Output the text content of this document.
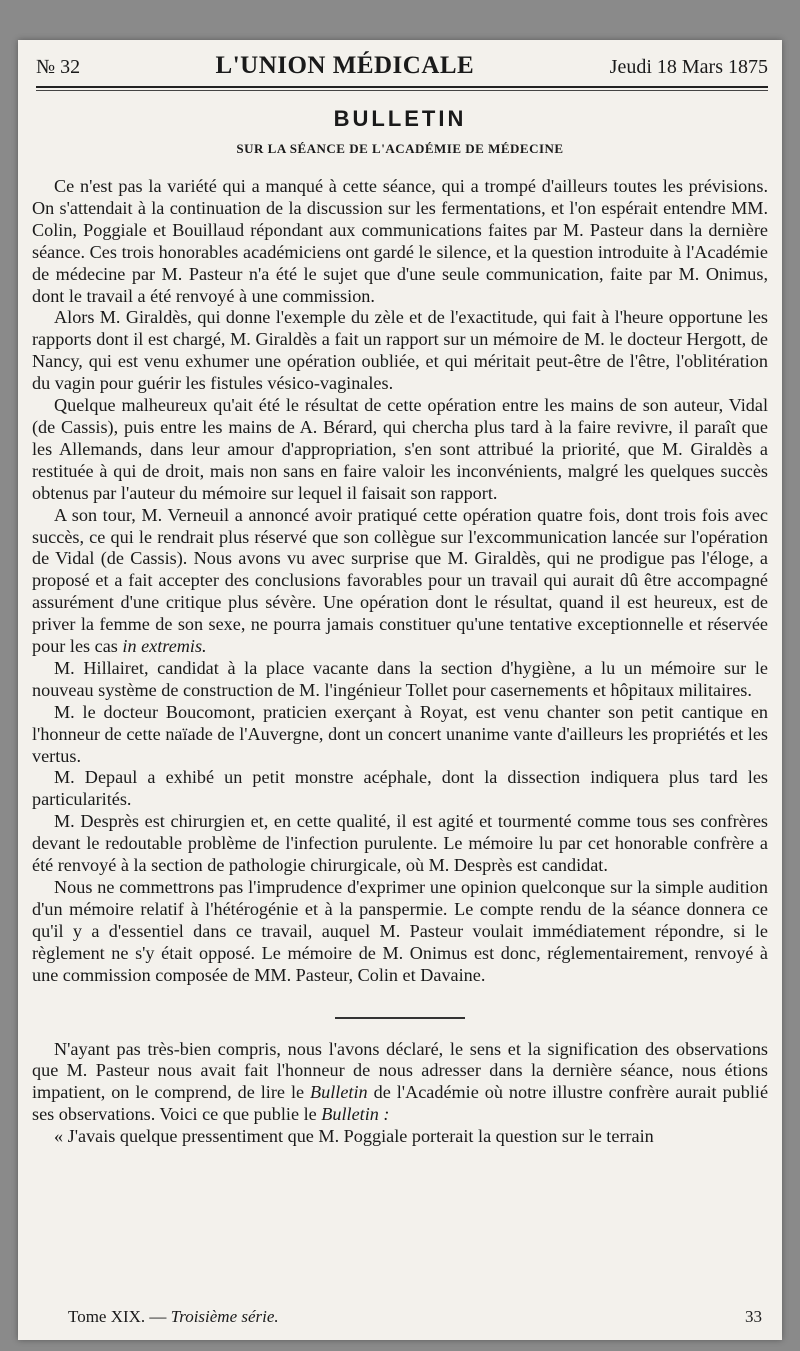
№ 32	L'UNION MÉDICALE	Jeudi 18 Mars 1875
BULLETIN
SUR LA SÉANCE DE L'ACADÉMIE DE MÉDECINE

Ce n'est pas la variété qui a manqué à cette séance, qui a trompé d'ailleurs toutes les prévisions. On s'attendait à la continuation de la discussion sur les fermentations, et l'on espérait entendre MM. Colin, Poggiale et Bouillaud répondant aux communications faites par M. Pasteur dans la dernière séance. Ces trois honorables académiciens ont gardé le silence, et la question introduite à l'Académie de médecine par M. Pasteur n'a été le sujet que d'une seule communication, faite par M. Onimus, dont le travail a été renvoyé à une commission.

Alors M. Giraldès, qui donne l'exemple du zèle et de l'exactitude, qui fait à l'heure opportune les rapports dont il est chargé, M. Giraldès a fait un rapport sur un mémoire de M. le docteur Hergott, de Nancy, qui est venu exhumer une opération oubliée, et qui méritait peut-être de l'être, l'oblitération du vagin pour guérir les fistules vésico-vaginales.

Quelque malheureux qu'ait été le résultat de cette opération entre les mains de son auteur, Vidal (de Cassis), puis entre les mains de A. Bérard, qui chercha plus tard à la faire revivre, il paraît que les Allemands, dans leur amour d'appropriation, s'en sont attribué la priorité, que M. Giraldès a restituée à qui de droit, mais non sans en faire valoir les inconvénients, malgré les quelques succès obtenus par l'auteur du mémoire sur lequel il faisait son rapport.

A son tour, M. Verneuil a annoncé avoir pratiqué cette opération quatre fois, dont trois fois avec succès, ce qui le rendrait plus réservé que son collègue sur l'excommunication lancée sur l'opération de Vidal (de Cassis). Nous avons vu avec surprise que M. Giraldès, qui ne prodigue pas l'éloge, a proposé et a fait accepter des conclusions favorables pour un travail qui aurait dû être accompagné assurément d'une critique plus sévère. Une opération dont le résultat, quand il est heureux, est de priver la femme de son sexe, ne pourra jamais constituer qu'une tentative exceptionnelle et réservée pour les cas in extremis.

M. Hillairet, candidat à la place vacante dans la section d'hygiène, a lu un mémoire sur le nouveau système de construction de M. l'ingénieur Tollet pour casernements et hôpitaux militaires.

M. le docteur Boucomont, praticien exerçant à Royat, est venu chanter son petit cantique en l'honneur de cette naïade de l'Auvergne, dont un concert unanime vante d'ailleurs les propriétés et les vertus.

M. Depaul a exhibé un petit monstre acéphale, dont la dissection indiquera plus tard les particularités.

M. Desprès est chirurgien et, en cette qualité, il est agité et tourmenté comme tous ses confrères devant le redoutable problème de l'infection purulente. Le mémoire lu par cet honorable confrère a été renvoyé à la section de pathologie chirurgicale, où M. Desprès est candidat.

Nous ne commettrons pas l'imprudence d'exprimer une opinion quelconque sur la simple audition d'un mémoire relatif à l'hétérogénie et à la panspermie. Le compte rendu de la séance donnera ce qu'il y a d'essentiel dans ce travail, auquel M. Pasteur voulait immédiatement répondre, si le règlement ne s'y était opposé. Le mémoire de M. Onimus est donc, réglementairement, renvoyé à une commission composée de MM. Pasteur, Colin et Davaine.

N'ayant pas très-bien compris, nous l'avons déclaré, le sens et la signification des observations que M. Pasteur nous avait fait l'honneur de nous adresser dans la dernière séance, nous étions impatient, on le comprend, de lire le Bulletin de l'Académie où notre illustre confrère aurait publié ses observations. Voici ce que publie le Bulletin :

« J'avais quelque pressentiment que M. Poggiale porterait la question sur le terrain

Tome XIX. — Troisième série.	33
